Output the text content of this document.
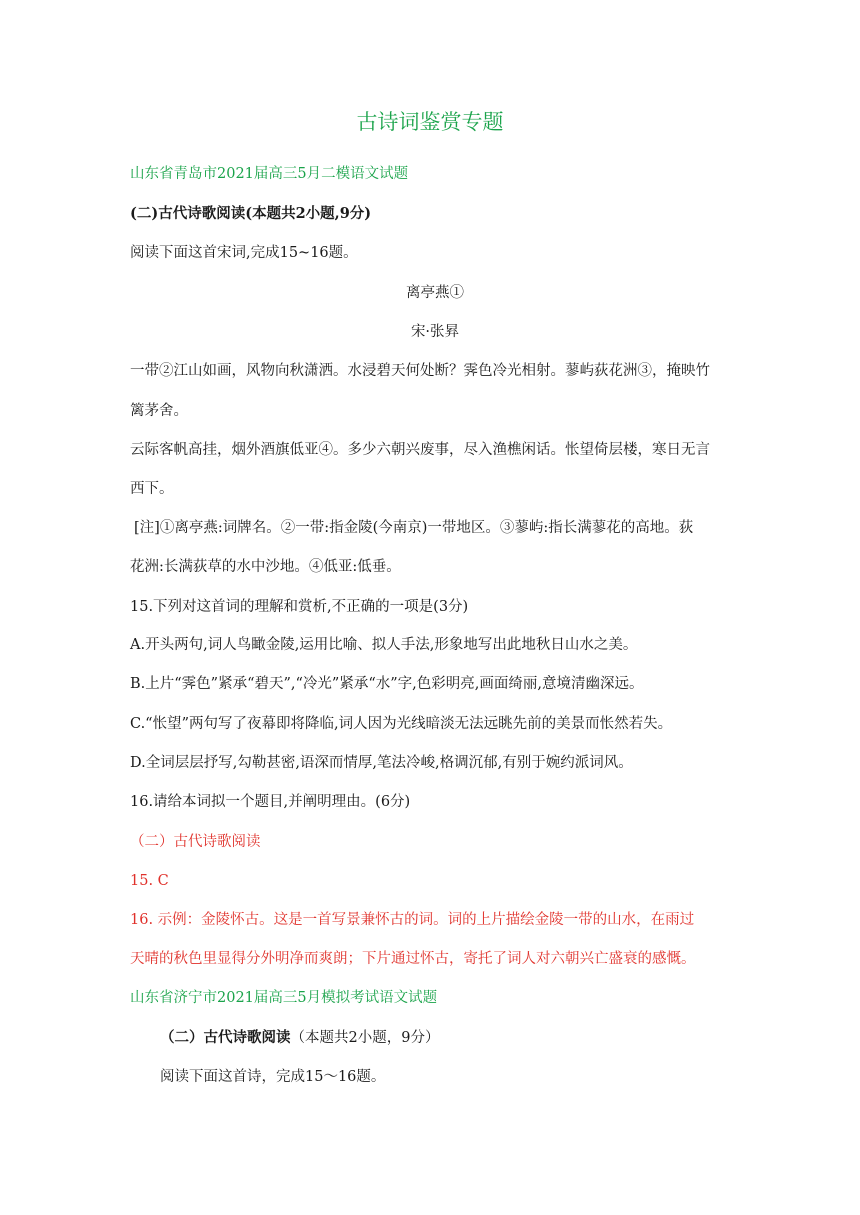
古诗词鉴赏专题
山东省青岛市2021届高三5月二模语文试题
(二)古代诗歌阅读(本题共2小题,9分)
阅读下面这首宋词,完成15~16题。
离亭燕①
宋·张昪
一带②江山如画，风物向秋潇洒。水浸碧天何处断？霁色冷光相射。蓼屿荻花洲③，掩映竹
篱茅舍。
云际客帆高挂，烟外酒旗低亚④。多少六朝兴废事，尽入渔樵闲话。怅望倚层楼，寒日无言
西下。
[注]①离亭燕:词牌名。②一带:指金陵(今南京)一带地区。③蓼屿:指长满蓼花的高地。荻
花洲:长满荻草的水中沙地。④低亚:低垂。
15.下列对这首词的理解和赏析,不正确的一项是(3分)
A.开头两句,词人鸟瞰金陵,运用比喻、拟人手法,形象地写出此地秋日山水之美。
B.上片“霁色”紧承“碧天”,“冷光”紧承“水”字,色彩明亮,画面绮丽,意境清幽深远。
C.“怅望”两句写了夜幕即将降临,词人因为光线暗淡无法远眺先前的美景而怅然若失。
D.全词层层抒写,勾勒甚密,语深而情厚,笔法冷峻,格调沉郁,有别于婉约派词风。
16.请给本词拟一个题目,并阐明理由。(6分)
（二）古代诗歌阅读
15. C
16. 示例：金陵怀古。这是一首写景兼怀古的词。词的上片描绘金陵一带的山水，在雨过
天晴的秋色里显得分外明净而爽朗；下片通过怀古，寄托了词人对六朝兴亡盛衰的感慨。
山东省济宁市2021届高三5月模拟考试语文试题
（二）古代诗歌阅读（本题共2小题，9分）
阅读下面这首诗，完成15～16题。
